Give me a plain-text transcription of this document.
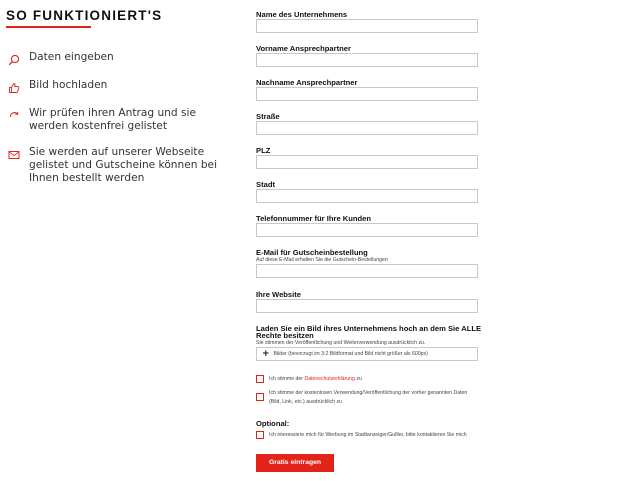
SO FUNKTIONIERT'S
Daten eingeben
Bild hochladen
Wir prüfen ihren Antrag und sie werden kostenfrei gelistet
Sie werden auf unserer Webseite gelistet und Gutscheine können bei Ihnen bestellt werden
Name des Unternehmens
Vorname Ansprechpartner
Nachname Ansprechpartner
Straße
PLZ
Stadt
Telefonnummer für Ihre Kunden
E-Mail für Gutscheinbestellung
Auf diese E-Mail erhalten Sie die Gutschein-Bestellungen
Ihre Website
Laden Sie ein Bild ihres Unternehmens hoch an dem Sie ALLE
Rechte besitzen
Sie stimmen der Veröffentlichung und Weiterverwendung ausdrücklich zu.
+ Bilder (bevorzugt im 3:2 Bildformat und Bild nicht größer als 600px)
Ich stimme der Datenschutzerklärung zu
Ich stimme der kostenlosen Verwendung/Veröffentlichung der vorher genannten Daten (Bild, Link, etc.) ausdrücklich zu
Optional:
Ich interessiere mich für Werbung im Stadtanzeiger/Gulller, bitte kontaktieren Sie mich
Gratis eintragen
